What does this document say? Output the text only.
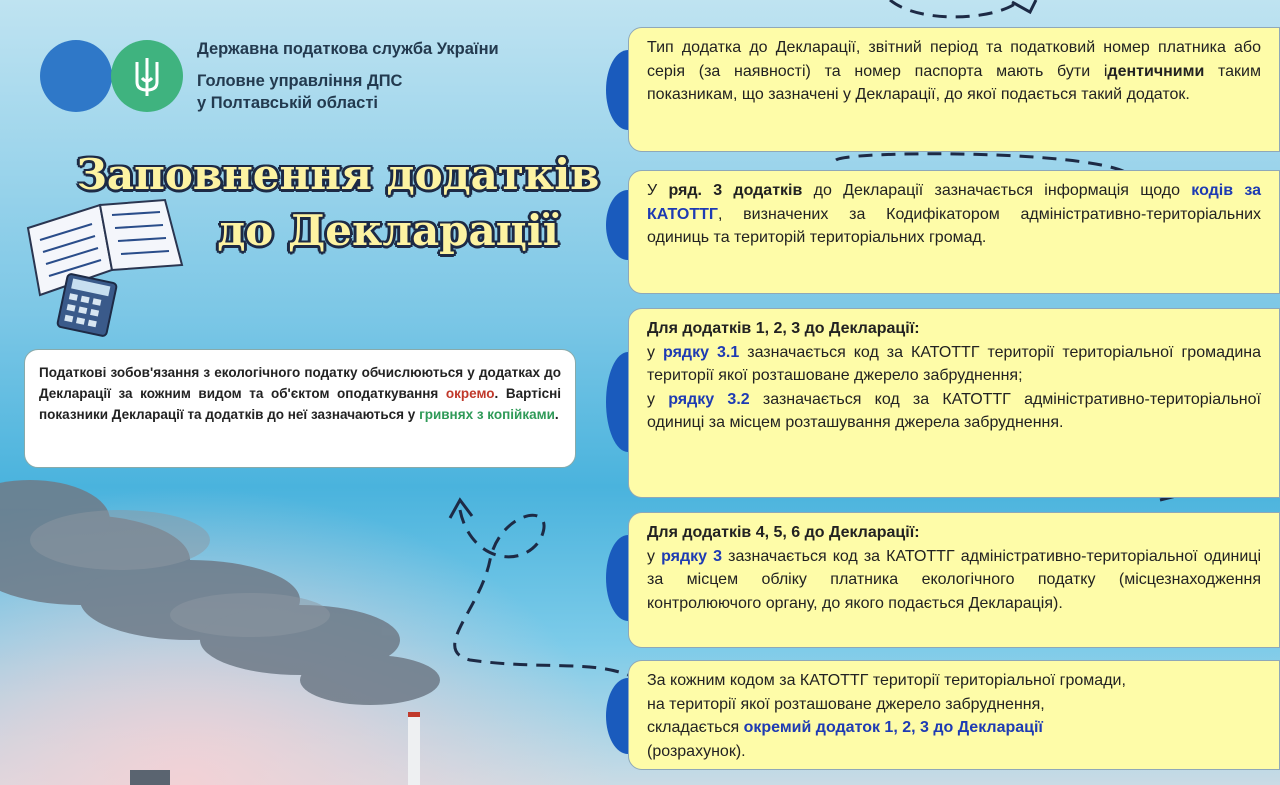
Державна податкова служба України
Головне управління ДПС
у Полтавській області
Заповнення додатків
до Декларації
Податкові зобов'язання з екологічного податку обчислюються у додатках до Декларації за кожним видом та об'єктом оподаткування окремо. Вартісні показники Декларації та додатків до неї зазначаються у гривнях з копійками.
Тип додатка до Декларації, звітний період та податковий номер платника або серія (за наявності) та номер паспорта мають бути ідентичними таким показникам, що зазначені у Декларації, до якої подається такий додаток.
У ряд. 3 додатків до Декларації зазначається інформація щодо кодів за КАТОТТГ, визначених за Кодифікатором адміністративно-територіальних одиниць та територій територіальних громад.
Для додатків 1, 2, 3 до Декларації:
у рядку 3.1 зазначається код за КАТОТТГ території територіальної громадина території якої розташоване джерело забруднення;
у рядку 3.2 зазначається код за КАТОТТГ адміністративно-територіальної одиниці за місцем розташування джерела забруднення.
Для додатків 4, 5, 6 до Декларації:
у рядку 3 зазначається код за КАТОТТГ адміністративно-територіальної одиниці за місцем обліку платника екологічного податку (місцезнаходження контролюючого органу, до якого подається Декларація).
За кожним кодом за КАТОТТГ території територіальної громади,
на території якої розташоване джерело забруднення,
складається окремий додаток 1, 2, 3 до Декларації
(розрахунок).
